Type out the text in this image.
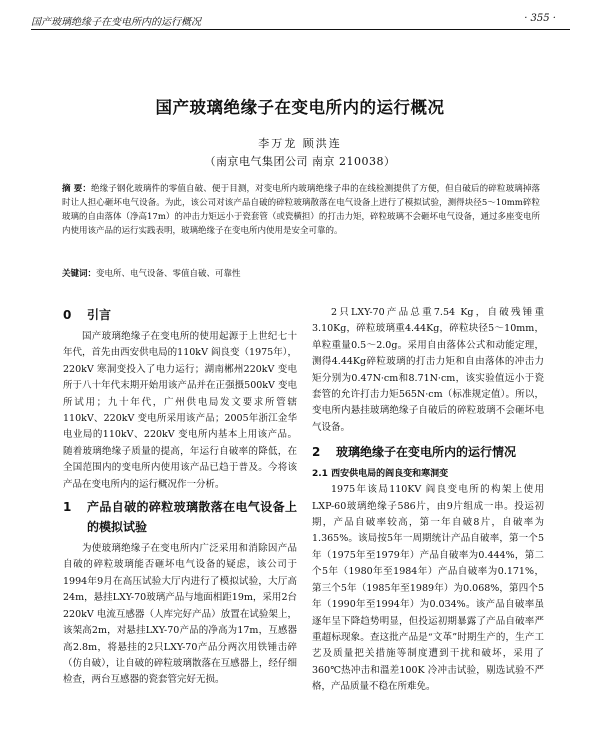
国产玻璃绝缘子在变电所内的运行概况	· 355 ·
国产玻璃绝缘子在变电所内的运行概况
李万龙 顾洪连
（南京电气集团公司 南京 210038）
摘 要：绝缘子钢化玻璃件的零值自破、便于目测，对变电所内玻璃绝缘子串的在线检测提供了方便，但自破后的碎粒玻璃掉落时让人担心砸坏电气设备。为此，该公司对该产品自破的碎粒玻璃散落在电气设备上进行了模拟试验，测得块径5～10mm碎粒玻璃的自由落体（净高17m）的冲击力矩远小于瓷套管（或瓷横担）的打击力矩，碎粒玻璃不会砸坏电气设备，通过多座变电所内使用该产品的运行实践表明，玻璃绝缘子在变电所内使用是安全可靠的。
关键词：变电所、电气设备、零值自破、可靠性
0	引言

国产玻璃绝缘子在变电所的使用起源于上世纪七十年代，首先由西安供电局的110kV 阎良变（1975年），220kV 寒洞变投入了电力运行；湖南郴州220kV 变电所于八十年代末期开始用该产品并在正强摄500kV 变电所试用；九十年代，广州供电局发文要求所管辖110kV、220kV 变电所采用该产品；2005年浙江金华电业局的110kV、220kV 变电所内基本上用该产品。随着玻璃绝缘子质量的提高，年运行自破率的降低，在全国范围内的变电所内使用该产品已趋于普及。今将该产品在变电所内的运行概况作一分析。

1	产品自破的碎粒玻璃散落在电气设备上的模拟试验

为使玻璃绝缘子在变电所内广泛采用和消除因产品自破的碎粒玻璃能否砸坏电气设备的疑虑，该公司于1994年9月在高压试验大厅内进行了模拟试验，大厅高24m，悬挂LXY-70玻璃产品与地面相距19m，采用2台220kV 电流互感器（人库完好产品）放置在试验架上，该架高2m，对悬挂LXY-70产品的净高为17m，互感器高2.8m，将悬挂的2只LXY-70产品分两次用铁锤击碎（仿自破），让自破的碎粒玻璃散落在互感器上，经仔细检查，两台互感器的瓷套管完好无损。

2只LXY-70产品总重7.54 Kg，自破残锤重3.10Kg，碎粒玻璃重4.44Kg，碎粒块径5～10mm，单粒重量0.5～2.0g。采用自由落体公式和动能定理，测得4.44Kg碎粒玻璃的打击力矩和自由落体的冲击力矩分别为0.47N·cm和8.71N·cm，该实验值远小于瓷套管的允许打击力矩565N·cm（标准规定值）。所以，变电所内悬挂玻璃绝缘子自破后的碎粒玻璃不会砸坏电气设备。

2	玻璃绝缘子在变电所内的运行情况
2.1 西安供电局的阎良变和寒洞变

1975年该局110KV 阎良变电所的构架上使用LXP-60玻璃绝缘子586片，由9片组成一串。投运初期，产品自破率较高，第一年自破8片，自破率为1.365%。该局按5年一周期统计产品自破率，第一个5年（1975年至1979年）产品自破率为0.444%，第二个5年（1980年至1984年）产品自破率为0.171%，第三个5年（1985年至1989年）为0.068%，第四个5年（1990年至1994年）为0.034%。该产品自破率虽逐年呈下降趋势明显，但投运初期暴露了产品自破率严重超标现象。查这批产品是“文革”时期生产的，生产工艺及质量把关措施等制度遭到干扰和破坏，采用了360℃热冲击和溫差100K 冷冲击试验，剔选试验不严格，产品质量不稳在所难免。
